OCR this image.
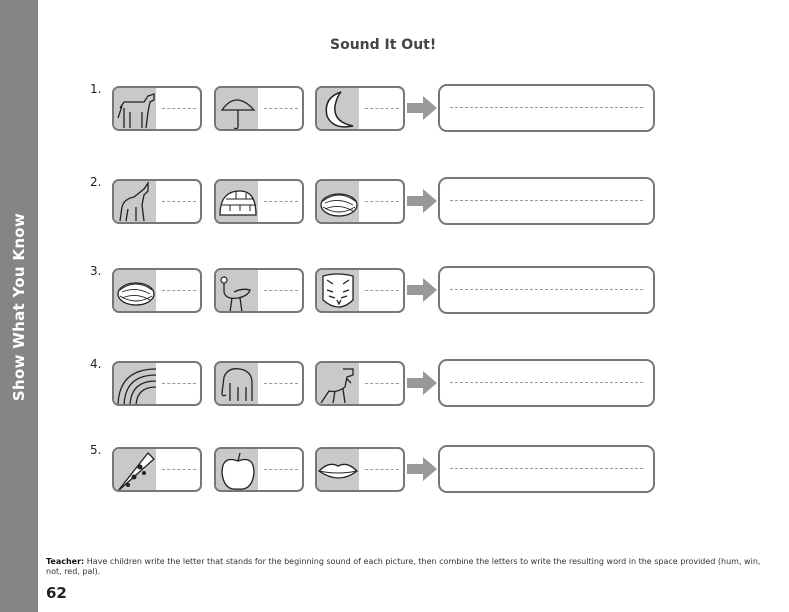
Show What You Know
Sound It Out!
1.
2.
3.
4.
5.
Teacher: Have children write the letter that stands for the beginning sound of each picture, then combine the letters to write the resulting word in the space provided (hum, win, not, red, pal).
62
